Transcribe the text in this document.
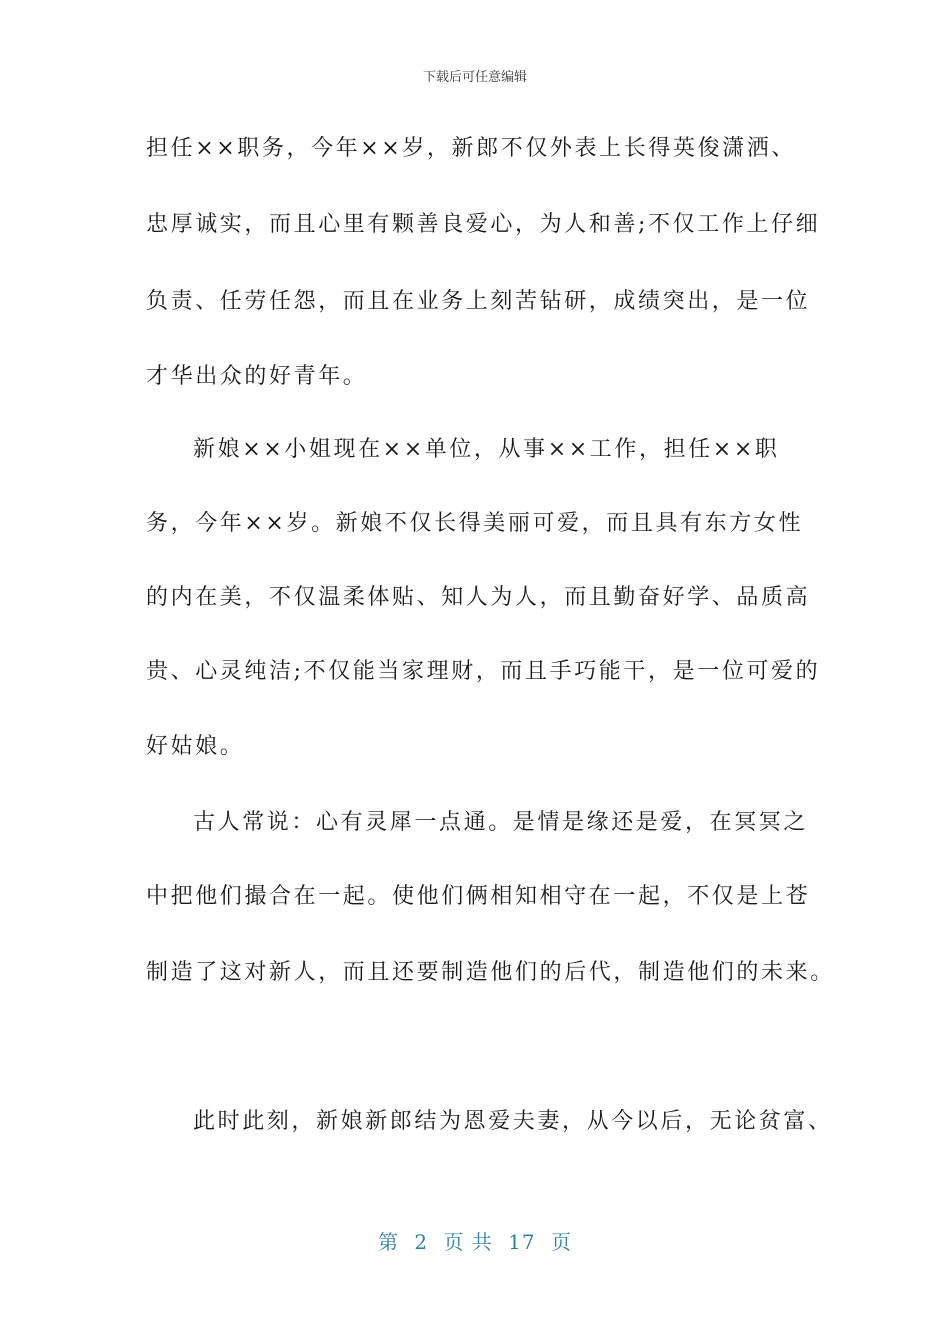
下载后可任意编辑
担任××职务，今年××岁，新郎不仅外表上长得英俊潇洒、
忠厚诚实，而且心里有颗善良爱心，为人和善;不仅工作上仔细
负责、任劳任怨，而且在业务上刻苦钻研，成绩突出，是一位
才华出众的好青年。
新娘××小姐现在××单位，从事××工作，担任××职
务，今年××岁。新娘不仅长得美丽可爱，而且具有东方女性
的内在美，不仅温柔体贴、知人为人，而且勤奋好学、品质高
贵、心灵纯洁;不仅能当家理财，而且手巧能干，是一位可爱的
好姑娘。
古人常说：心有灵犀一点通。是情是缘还是爱，在冥冥之
中把他们撮合在一起。使他们俩相知相守在一起，不仅是上苍
制造了这对新人，而且还要制造他们的后代，制造他们的未来。
此时此刻，新娘新郎结为恩爱夫妻，从今以后，无论贫富、
第 2 页 共 17 页
